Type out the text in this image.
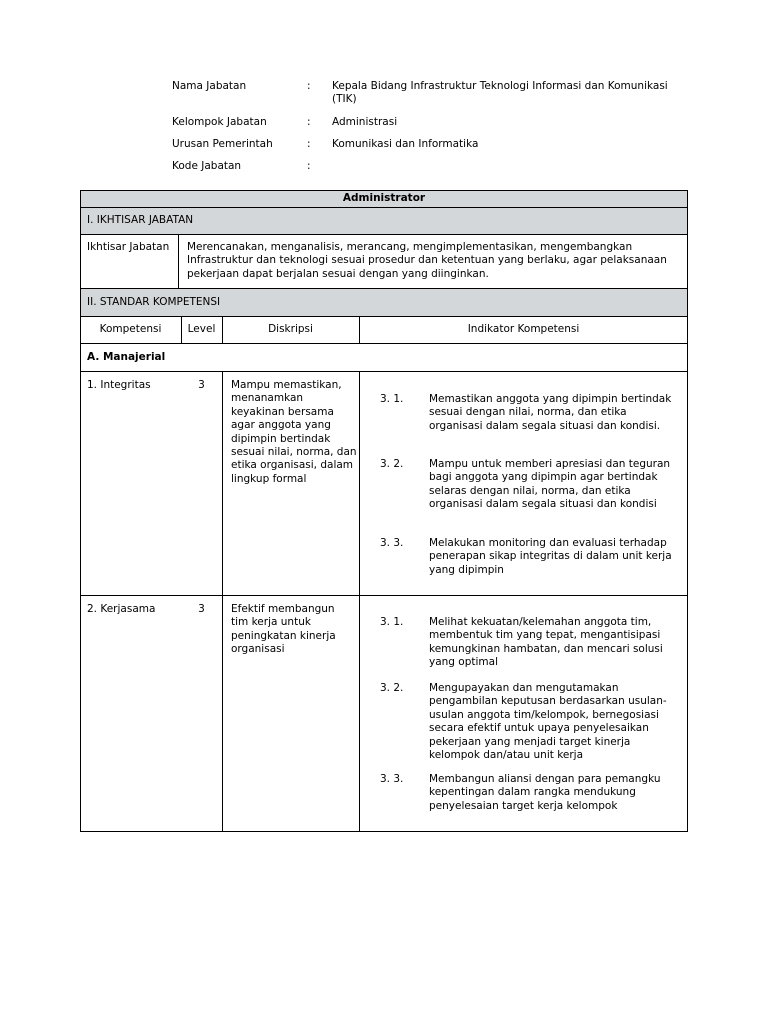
Nama Jabatan	: Kepala Bidang Infrastruktur Teknologi Informasi dan Komunikasi (TIK)
Kelompok Jabatan	: Administrasi
Urusan Pemerintah	: Komunikasi dan Informatika
Kode Jabatan	:
Administrator
I. IKHTISAR JABATAN
Ikhtisar Jabatan Merencanakan, menganalisis, merancang, mengimplementasikan, mengembangkan Infrastruktur dan teknologi sesuai prosedur dan ketentuan yang berlaku, agar pelaksanaan pekerjaan dapat berjalan sesuai dengan yang diinginkan.
II. STANDAR KOMPETENSI
Kompetensi	Level	Diskripsi	Indikator Kompetensi
A. Manajerial
1. Integritas	3	Mampu memastikan, menanamkan keyakinan bersama agar anggota yang dipimpin bertindak sesuai nilai, norma, dan etika organisasi, dalam lingkup formal
3. 1. Memastikan anggota yang dipimpin bertindak sesuai dengan nilai, norma, dan etika organisasi dalam segala situasi dan kondisi.
3. 2. Mampu untuk memberi apresiasi dan teguran bagi anggota yang dipimpin agar bertindak selaras dengan nilai, norma, dan etika organisasi dalam segala situasi dan kondisi
3. 3. Melakukan monitoring dan evaluasi terhadap penerapan sikap integritas di dalam unit kerja yang dipimpin
2. Kerjasama	3	Efektif membangun tim kerja untuk peningkatan kinerja organisasi
3. 1. Melihat kekuatan/kelemahan anggota tim, membentuk tim yang tepat, mengantisipasi kemungkinan hambatan, dan mencari solusi yang optimal
3. 2. Mengupayakan dan mengutamakan pengambilan keputusan berdasarkan usulan-usulan anggota tim/kelompok, bernegosiasi secara efektif untuk upaya penyelesaikan pekerjaan yang menjadi target kinerja kelompok dan/atau unit kerja
3. 3. Membangun aliansi dengan para pemangku kepentingan dalam rangka mendukung penyelesaian target kerja kelompok
